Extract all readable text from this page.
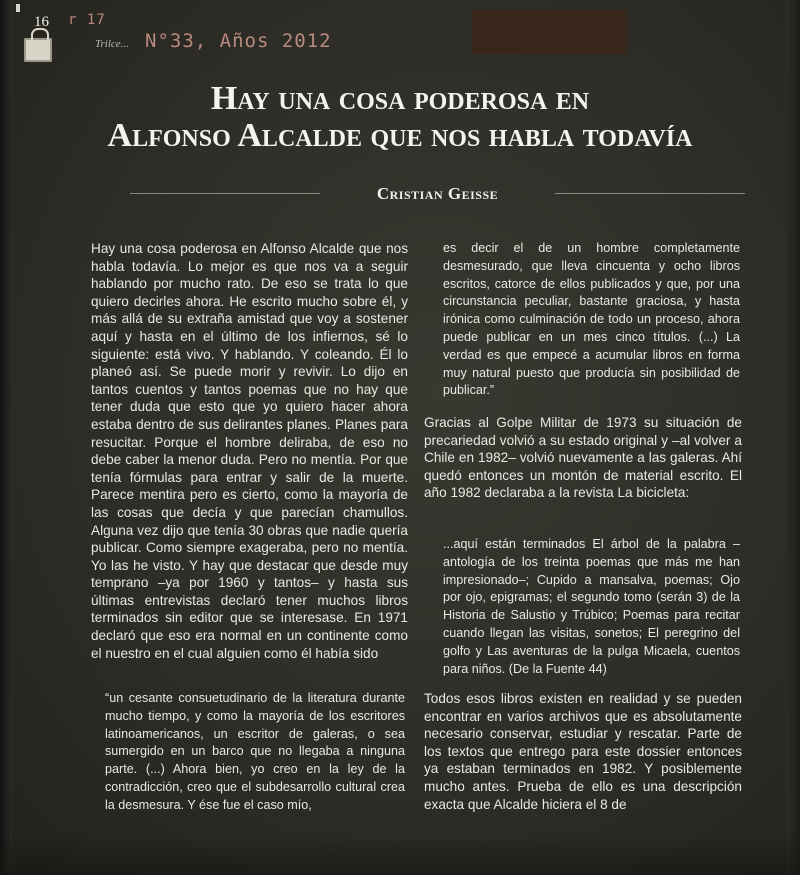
16 r 17
Trilce... N°33, Años 2012
Hay una cosa poderosa en
Alfonso Alcalde que nos habla todavía
Cristian Geisse

Hay una cosa poderosa en Alfonso Alcalde que nos habla todavía. Lo mejor es que nos va a seguir hablando por mucho rato. De eso se trata lo que quiero decirles ahora. He escrito mucho sobre él, y más allá de su extraña amistad que voy a sostener aquí y hasta en el último de los infiernos, sé lo siguiente: está vivo. Y hablando. Y coleando. Él lo planeó así. Se puede morir y revivir. Lo dijo en tantos cuentos y tantos poemas que no hay que tener duda que esto que yo quiero hacer ahora estaba dentro de sus delirantes planes. Planes para resucitar. Porque el hombre deliraba, de eso no debe caber la menor duda. Pero no mentía. Por que tenía fórmulas para entrar y salir de la muerte. Parece mentira pero es cierto, como la mayoría de las cosas que decía y que parecían chamullos. Alguna vez dijo que tenía 30 obras que nadie quería publicar. Como siempre exageraba, pero no mentía. Yo las he visto. Y hay que destacar que desde muy temprano –ya por 1960 y tantos– y hasta sus últimas entrevistas declaró tener muchos libros terminados sin editor que se interesase. En 1971 declaró que eso era normal en un continente como el nuestro en el cual alguien como él había sido

“un cesante consuetudinario de la literatura durante mucho tiempo, y como la mayoría de los escritores latinoamericanos, un escritor de galeras, o sea sumergido en un barco que no llegaba a ninguna parte. (...) Ahora bien, yo creo en la ley de la contradicción, creo que el subdesarrollo cultural crea la desmesura. Y ése fue el caso mío,

es decir el de un hombre completamente desmesurado, que lleva cincuenta y ocho libros escritos, catorce de ellos publicados y que, por una circunstancia peculiar, bastante graciosa, y hasta irónica como culminación de todo un proceso, ahora puede publicar en un mes cinco títulos. (...) La verdad es que empecé a acumular libros en forma muy natural puesto que producía sin posibilidad de publicar.”

Gracias al Golpe Militar de 1973 su situación de precariedad volvió a su estado original y –al volver a Chile en 1982– volvió nuevamente a las galeras. Ahí quedó entonces un montón de material escrito. El año 1982 declaraba a la revista La bicicleta:

...aquí están terminados El árbol de la palabra –antología de los treinta poemas que más me han impresionado–; Cupido a mansalva, poemas; Ojo por ojo, epigramas; el segundo tomo (serán 3) de la Historia de Salustio y Trúbico; Poemas para recitar cuando llegan las visitas, sonetos; El peregrino del golfo y Las aventuras de la pulga Micaela, cuentos para niños. (De la Fuente 44)

Todos esos libros existen en realidad y se pueden encontrar en varios archivos que es absolutamente necesario conservar, estudiar y rescatar. Parte de los textos que entrego para este dossier entonces ya estaban terminados en 1982. Y posiblemente mucho antes. Prueba de ello es una descripción exacta que Alcalde hiciera el 8 de
